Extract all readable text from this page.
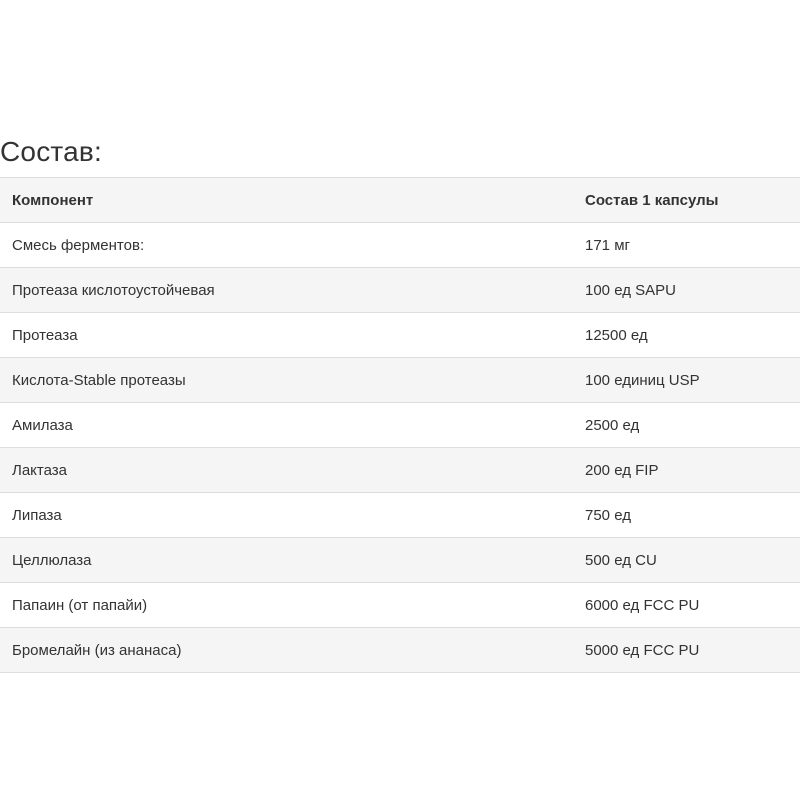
Состав:
Компонент	Состав 1 капсулы
Смесь ферментов:	171 мг
Протеаза кислотоустойчевая	100 ед SAPU
Протеаза	12500 ед
Кислота-Stable протеазы	100 единиц USP
Амилаза	2500 ед
Лактаза	200 ед FIP
Липаза	750 ед
Целлюлаза	500 ед CU
Папаин (от папайи)	6000 ед FCC PU
Бромелайн (из ананаса)	5000 ед FCC PU
